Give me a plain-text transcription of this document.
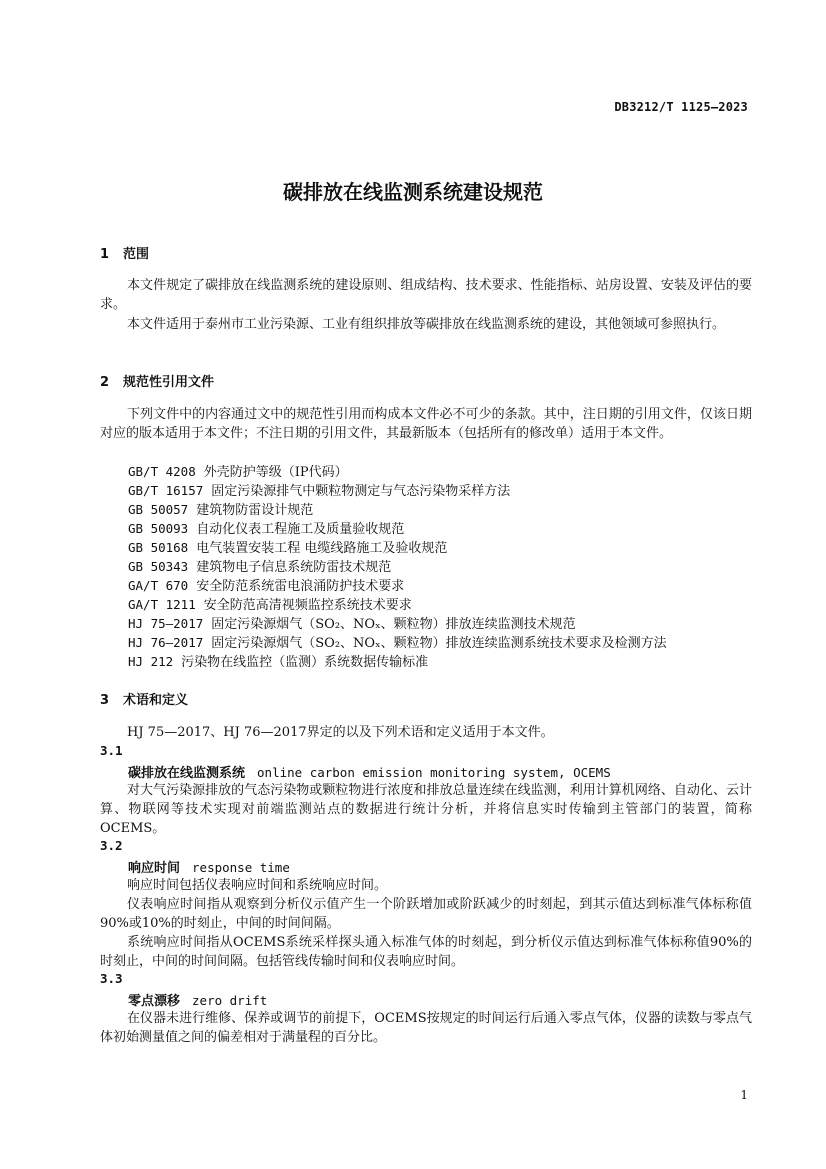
DB3212/T 1125—2023
碳排放在线监测系统建设规范
1 范围
本文件规定了碳排放在线监测系统的建设原则、组成结构、技术要求、性能指标、站房设置、安装及评估的要求。
本文件适用于泰州市工业污染源、工业有组织排放等碳排放在线监测系统的建设，其他领域可参照执行。
2 规范性引用文件
下列文件中的内容通过文中的规范性引用而构成本文件必不可少的条款。其中，注日期的引用文件，仅该日期对应的版本适用于本文件；不注日期的引用文件，其最新版本（包括所有的修改单）适用于本文件。
GB/T 4208 外壳防护等级（IP代码）
GB/T 16157 固定污染源排气中颗粒物测定与气态污染物采样方法
GB 50057 建筑物防雷设计规范
GB 50093 自动化仪表工程施工及质量验收规范
GB 50168 电气装置安装工程 电缆线路施工及验收规范
GB 50343 建筑物电子信息系统防雷技术规范
GA/T 670 安全防范系统雷电浪涌防护技术要求
GA/T 1211 安全防范高清视频监控系统技术要求
HJ 75—2017 固定污染源烟气（SO₂、NOₓ、颗粒物）排放连续监测技术规范
HJ 76—2017 固定污染源烟气（SO₂、NOₓ、颗粒物）排放连续监测系统技术要求及检测方法
HJ 212 污染物在线监控（监测）系统数据传输标准
3 术语和定义
HJ 75—2017、HJ 76—2017界定的以及下列术语和定义适用于本文件。
3.1
碳排放在线监测系统 online carbon emission monitoring system, OCEMS
对大气污染源排放的气态污染物或颗粒物进行浓度和排放总量连续在线监测，利用计算机网络、自动化、云计算、物联网等技术实现对前端监测站点的数据进行统计分析，并将信息实时传输到主管部门的装置，简称OCEMS。
3.2
响应时间 response time
响应时间包括仪表响应时间和系统响应时间。
仪表响应时间指从观察到分析仪示值产生一个阶跃增加或阶跃减少的时刻起，到其示值达到标准气体标称值90%或10%的时刻止，中间的时间间隔。
系统响应时间指从OCEMS系统采样探头通入标准气体的时刻起，到分析仪示值达到标准气体标称值90%的时刻止，中间的时间间隔。包括管线传输时间和仪表响应时间。
3.3
零点漂移 zero drift
在仪器未进行维修、保养或调节的前提下，OCEMS按规定的时间运行后通入零点气体，仪器的读数与零点气体初始测量值之间的偏差相对于满量程的百分比。
1
